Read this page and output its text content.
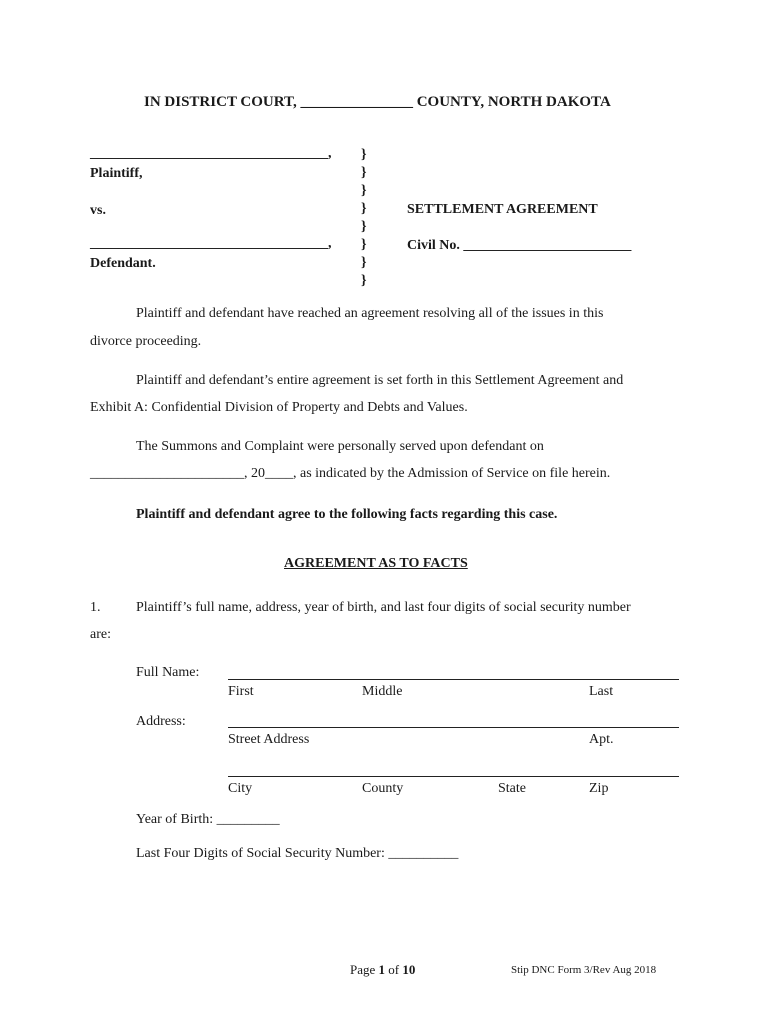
IN DISTRICT COURT, _______________ COUNTY, NORTH DAKOTA
__________________________________,
Plaintiff,
vs.
__________________________________,
Defendant.
}
}
}
}
}
}
}
}
SETTLEMENT AGREEMENT
Civil No. ________________________
Plaintiff and defendant have reached an agreement resolving all of the issues in this
divorce proceeding.
Plaintiff and defendant’s entire agreement is set forth in this Settlement Agreement and
Exhibit A: Confidential Division of Property and Debts and Values.
The Summons and Complaint were personally served upon defendant on
______________________, 20____, as indicated by the Admission of Service on file herein.
Plaintiff and defendant agree to the following facts regarding this case.
AGREEMENT AS TO FACTS
1.	Plaintiff’s full name, address, year of birth, and last four digits of social security number
are:
Full Name:
First	Middle	Last
Address:
Street Address	Apt.
City	County	State	Zip
Year of Birth: _________
Last Four Digits of Social Security Number: __________
Page 1 of 10	Stip DNC Form 3/Rev Aug 2018
